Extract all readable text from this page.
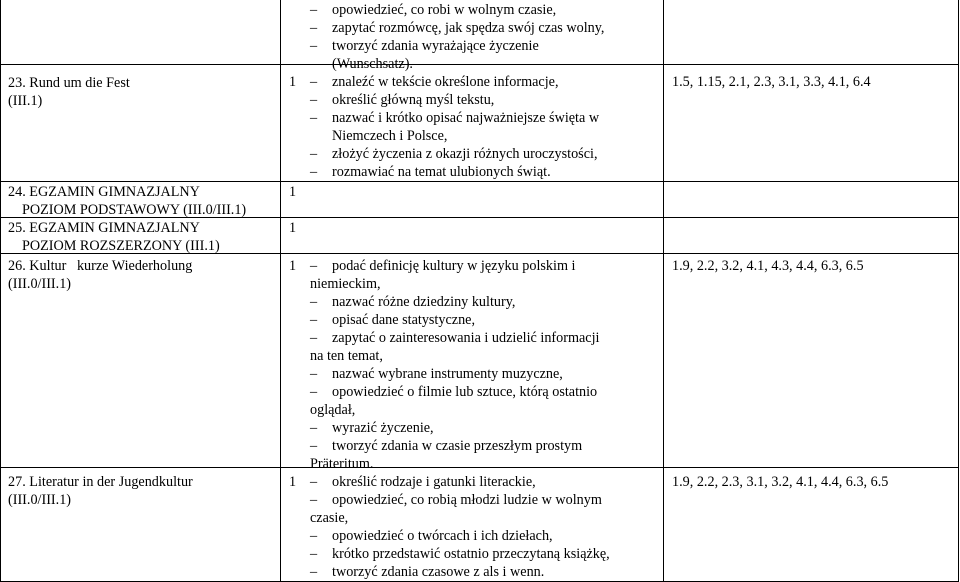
– opowiedzieć, co robi w wolnym czasie,
– zapytać rozmówcę, jak spędza swój czas wolny,
– tworzyć zdania wyrażające życzenie
(Wunschsatz).
23. Rund um die Fest
(III.1)
1	– znaleźć w tekście określone informacje,
– określić główną myśl tekstu,
– nazwać i krótko opisać najważniejsze święta w
Niemczech i Polsce,
– złożyć życzenia z okazji różnych uroczystości,
– rozmawiać na temat ulubionych świąt.
1.5, 1.15, 2.1, 2.3, 3.1, 3.3, 4.1, 6.4
24. EGZAMIN GIMNAZJALNY
POZIOM PODSTAWOWY (III.0/III.1)
1
25. EGZAMIN GIMNAZJALNY
POZIOM ROZSZERZONY (III.1)
1
26. Kultur   kurze Wiederholung
(III.0/III.1)
1	– podać definicję kultury w języku polskim i
niemieckim,
– nazwać różne dziedziny kultury,
– opisać dane statystyczne,
– zapytać o zainteresowania i udzielić informacji
na ten temat,
– nazwać wybrane instrumenty muzyczne,
– opowiedzieć o filmie lub sztuce, którą ostatnio
oglądał,
– wyrazić życzenie,
– tworzyć zdania w czasie przeszłym prostym
Präteritum.
1.9, 2.2, 3.2, 4.1, 4.3, 4.4, 6.3, 6.5
27. Literatur in der Jugendkultur
(III.0/III.1)
1	– określić rodzaje i gatunki literackie,
– opowiedzieć, co robią młodzi ludzie w wolnym
czasie,
– opowiedzieć o twórcach i ich dziełach,
– krótko przedstawić ostatnio przeczytaną książkę,
– tworzyć zdania czasowe z als i wenn.
1.9, 2.2, 2.3, 3.1, 3.2, 4.1, 4.4, 6.3, 6.5
